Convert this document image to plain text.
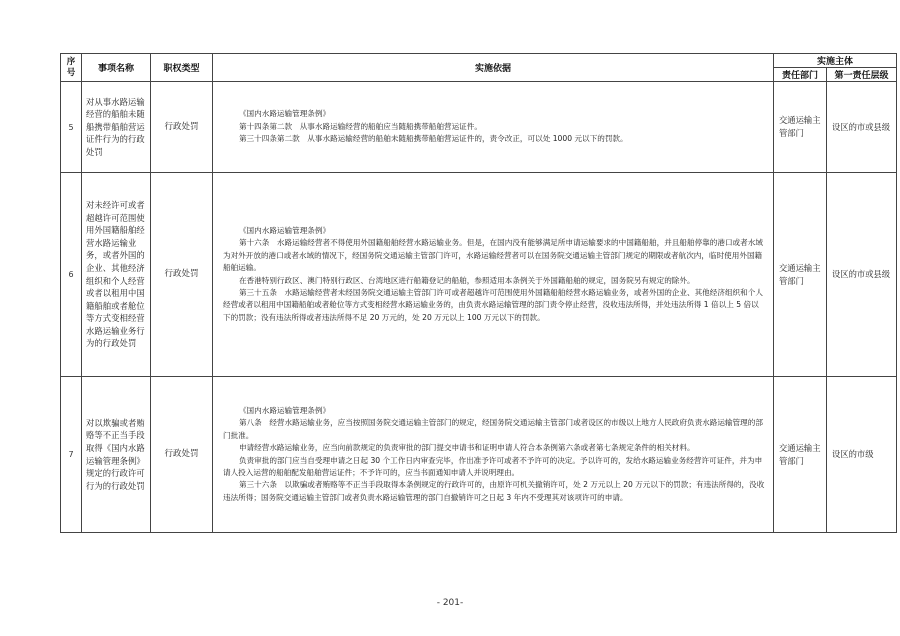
序号	事项名称	职权类型	实施依据	实施主体	
				责任部门	第一责任层级
5	对从事水路运输经营的船舶未随船携带船舶营运证件行为的行政处罚	行政处罚	《国内水路运输管理条例》

第十四条第二款　从事水路运输经营的船舶应当随船携带船舶营运证件。

第三十四条第二款　从事水路运输经营的船舶未随船携带船舶营运证件的，责令改正，可以处 1000 元以下的罚款。	交通运输主管部门	设区的市或县级
6	对未经许可或者超越许可范围使用外国籍船舶经营水路运输业务，或者外国的企业、其他经济组织和个人经营或者以租用中国籍船舶或者舱位等方式变相经营水路运输业务行为的行政处罚	行政处罚	《国内水路运输管理条例》

第十六条　水路运输经营者不得使用外国籍船舶经营水路运输业务。但是，在国内没有能够满足所申请运输要求的中国籍船舶，并且船舶停靠的港口或者水域为对外开放的港口或者水域的情况下，经国务院交通运输主管部门许可，水路运输经营者可以在国务院交通运输主管部门规定的期限或者航次内，临时使用外国籍船舶运输。

在香港特别行政区、澳门特别行政区、台湾地区进行船籍登记的船舶，参照适用本条例关于外国籍船舶的规定，国务院另有规定的除外。

第三十五条　水路运输经营者未经国务院交通运输主管部门许可或者超越许可范围使用外国籍船舶经营水路运输业务，或者外国的企业、其他经济组织和个人经营或者以租用中国籍船舶或者舱位等方式变相经营水路运输业务的，由负责水路运输管理的部门责令停止经营，没收违法所得，并处违法所得 1 倍以上 5 倍以下的罚款；没有违法所得或者违法所得不足 20 万元的，处 20 万元以上 100 万元以下的罚款。	交通运输主管部门	设区的市或县级
7	对以欺骗或者贿赂等不正当手段取得《国内水路运输管理条例》规定的行政许可行为的行政处罚	行政处罚	《国内水路运输管理条例》

第八条　经营水路运输业务，应当按照国务院交通运输主管部门的规定，经国务院交通运输主管部门或者设区的市级以上地方人民政府负责水路运输管理的部门批准。

申请经营水路运输业务，应当向前款规定的负责审批的部门提交申请书和证明申请人符合本条例第六条或者第七条规定条件的相关材料。

负责审批的部门应当自受理申请之日起 30 个工作日内审查完毕，作出准予许可或者不予许可的决定。予以许可的，发给水路运输业务经营许可证件，并为申请人投入运营的船舶配发船舶营运证件；不予许可的，应当书面通知申请人并说明理由。

第三十六条　以欺骗或者贿赂等不正当手段取得本条例规定的行政许可的，由原许可机关撤销许可，处 2 万元以上 20 万元以下的罚款；有违法所得的，没收违法所得；国务院交通运输主管部门或者负责水路运输管理的部门自撤销许可之日起 3 年内不受理其对该项许可的申请。	交通运输主管部门	设区的市级
- 201-
